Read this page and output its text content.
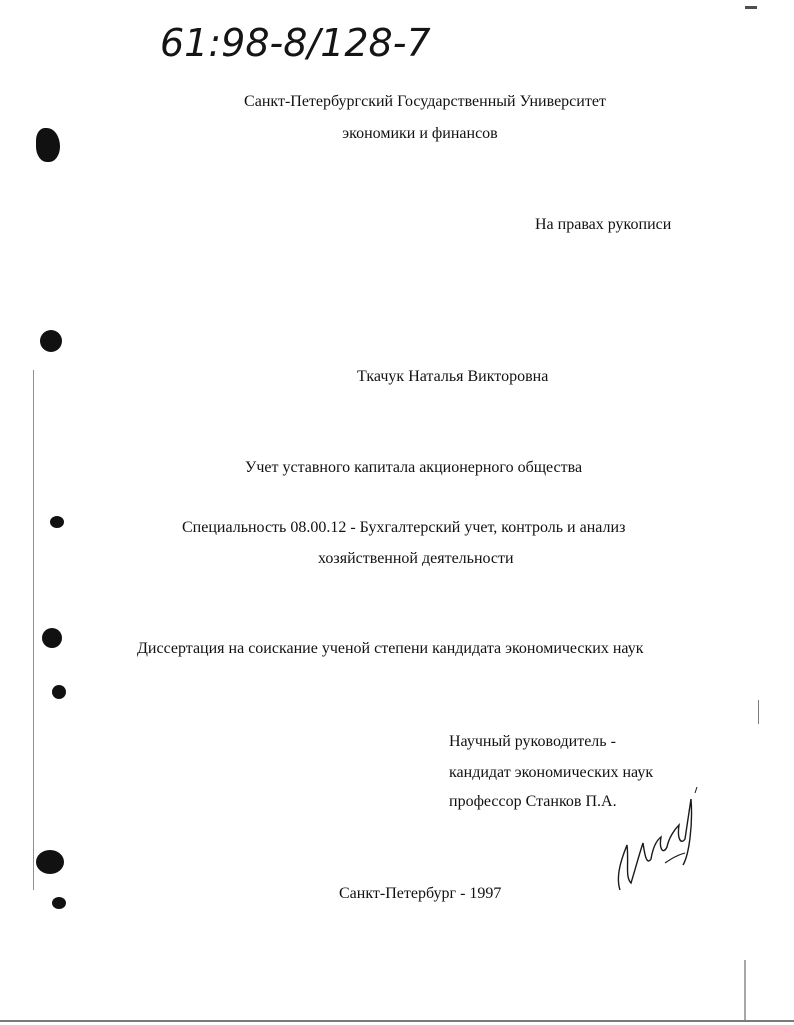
61:98-8/128-7
Санкт-Петербургский Государственный Университет
экономики и финансов
На правах рукописи
Ткачук Наталья Викторовна
Учет уставного капитала акционерного общества
Специальность 08.00.12 - Бухгалтерский учет, контроль и анализ
хозяйственной деятельности
Диссертация на соискание ученой степени кандидата экономических наук
Научный руководитель -
кандидат экономических наук
профессор Станков П.А.
Санкт-Петербург - 1997
